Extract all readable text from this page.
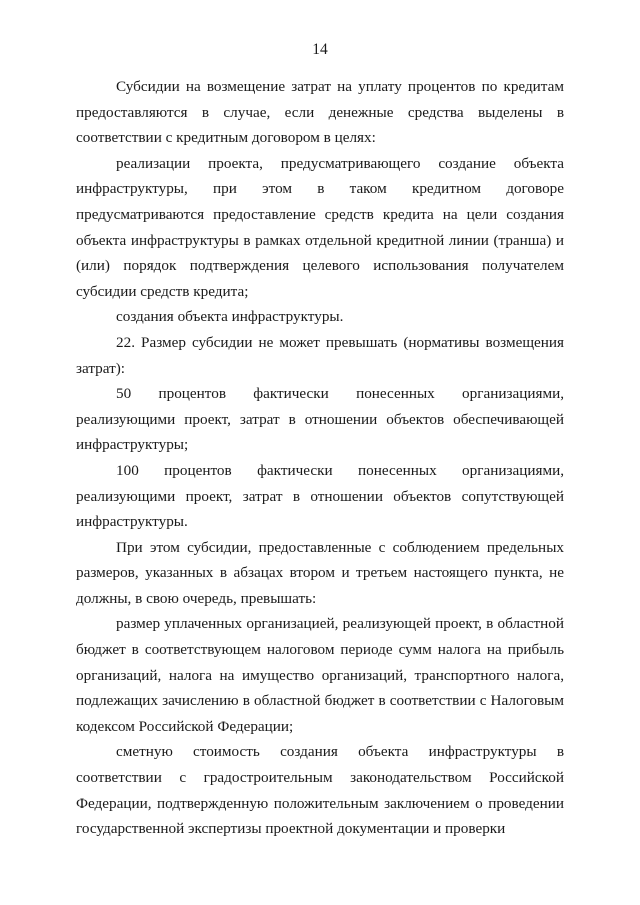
14

Субсидии на возмещение затрат на уплату процентов по кредитам предоставляются в случае, если денежные средства выделены в соответствии с кредитным договором в целях:

реализации проекта, предусматривающего создание объекта инфраструктуры, при этом в таком кредитном договоре предусматриваются предоставление средств кредита на цели создания объекта инфраструктуры в рамках отдельной кредитной линии (транша) и (или) порядок подтверждения целевого использования получателем субсидии средств кредита;

создания объекта инфраструктуры.

22. Размер субсидии не может превышать (нормативы возмещения затрат):

50 процентов фактически понесенных организациями, реализующими проект, затрат в отношении объектов обеспечивающей инфраструктуры;

100 процентов фактически понесенных организациями, реализующими проект, затрат в отношении объектов сопутствующей инфраструктуры.

При этом субсидии, предоставленные с соблюдением предельных размеров, указанных в абзацах втором и третьем настоящего пункта, не должны, в свою очередь, превышать:

размер уплаченных организацией, реализующей проект, в областной бюджет в соответствующем налоговом периоде сумм налога на прибыль организаций, налога на имущество организаций, транспортного налога, подлежащих зачислению в областной бюджет в соответствии с Налоговым кодексом Российской Федерации;

сметную стоимость создания объекта инфраструктуры в соответствии с градостроительным законодательством Российской Федерации, подтвержденную положительным заключением о проведении государственной экспертизы проектной документации и проверки
